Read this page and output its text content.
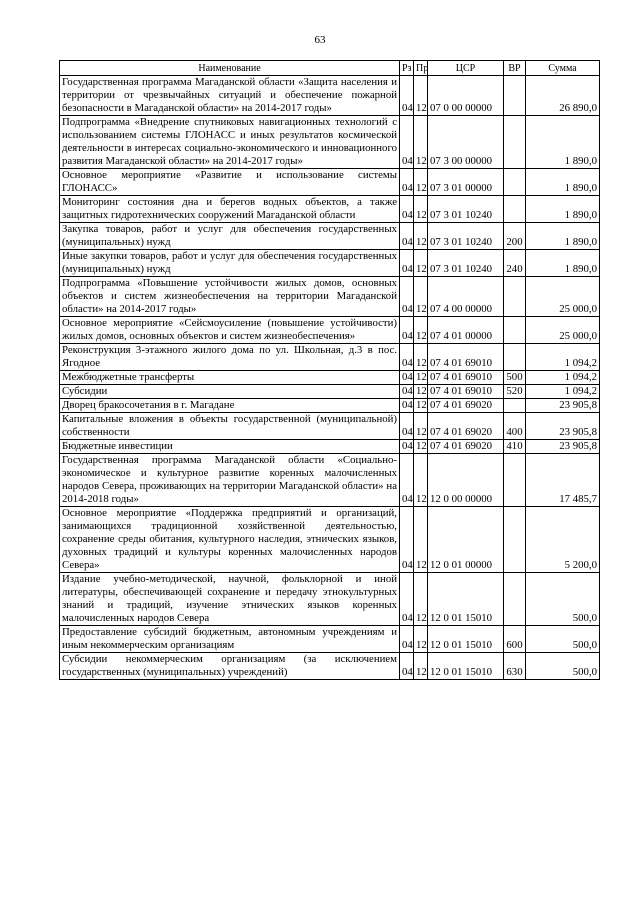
63
Наименование	Рз	Пр	ЦСР	ВР	Сумма
Государственная программа Магаданской области «Защита населения и территории от чрезвычайных ситуаций и обеспечение пожарной безопасности в Магаданской области» на 2014-2017 годы»	04	12	07 0 00 00000		26 890,0
Подпрограмма «Внедрение спутниковых навигационных технологий с использованием системы ГЛОНАСС и иных результатов космической деятельности в интересах социально-экономического и инновационного развития Магаданской области» на 2014-2017 годы»	04	12	07 3 00 00000		1 890,0
Основное мероприятие «Развитие и использование системы ГЛОНАСС»	04	12	07 3 01 00000		1 890,0
Мониторинг состояния дна и берегов водных объектов, а также защитных гидротехнических сооружений Магаданской области	04	12	07 3 01 10240		1 890,0
Закупка товаров, работ и услуг для обеспечения государственных (муниципальных) нужд	04	12	07 3 01 10240	200	1 890,0
Иные закупки товаров, работ и услуг для обеспечения государственных (муниципальных) нужд	04	12	07 3 01 10240	240	1 890,0
Подпрограмма «Повышение устойчивости жилых домов, основных объектов и систем жизнеобеспечения на территории Магаданской области» на 2014-2017 годы»	04	12	07 4 00 00000		25 000,0
Основное мероприятие «Сейсмоусиление (повышение устойчивости) жилых домов, основных объектов и систем жизнеобеспечения»	04	12	07 4 01 00000		25 000,0
Реконструкция 3-этажного жилого дома по ул. Школьная, д.3 в пос. Ягодное	04	12	07 4 01 69010		1 094,2
Межбюджетные трансферты	04	12	07 4 01 69010	500	1 094,2
Субсидии	04	12	07 4 01 69010	520	1 094,2
Дворец бракосочетания в г. Магадане	04	12	07 4 01 69020		23 905,8
Капитальные вложения в объекты государственной (муниципальной) собственности	04	12	07 4 01 69020	400	23 905,8
Бюджетные инвестиции	04	12	07 4 01 69020	410	23 905,8
Государственная программа Магаданской области «Социально-экономическое и культурное развитие коренных малочисленных народов Севера, проживающих на территории Магаданской области» на 2014-2018 годы»	04	12	12 0 00 00000		17 485,7
Основное мероприятие «Поддержка предприятий и организаций, занимающихся традиционной хозяйственной деятельностью, сохранение среды обитания, культурного наследия, этнических языков, духовных традиций и культуры коренных малочисленных народов Севера»	04	12	12 0 01 00000		5 200,0
Издание учебно-методической, научной, фольклорной и иной литературы, обеспечивающей сохранение и передачу этнокультурных знаний и традиций, изучение этнических языков коренных малочисленных народов Севера	04	12	12 0 01 15010		500,0
Предоставление субсидий бюджетным, автономным учреждениям и иным некоммерческим организациям	04	12	12 0 01 15010	600	500,0
Субсидии некоммерческим организациям (за исключением государственных (муниципальных) учреждений)	04	12	12 0 01 15010	630	500,0
